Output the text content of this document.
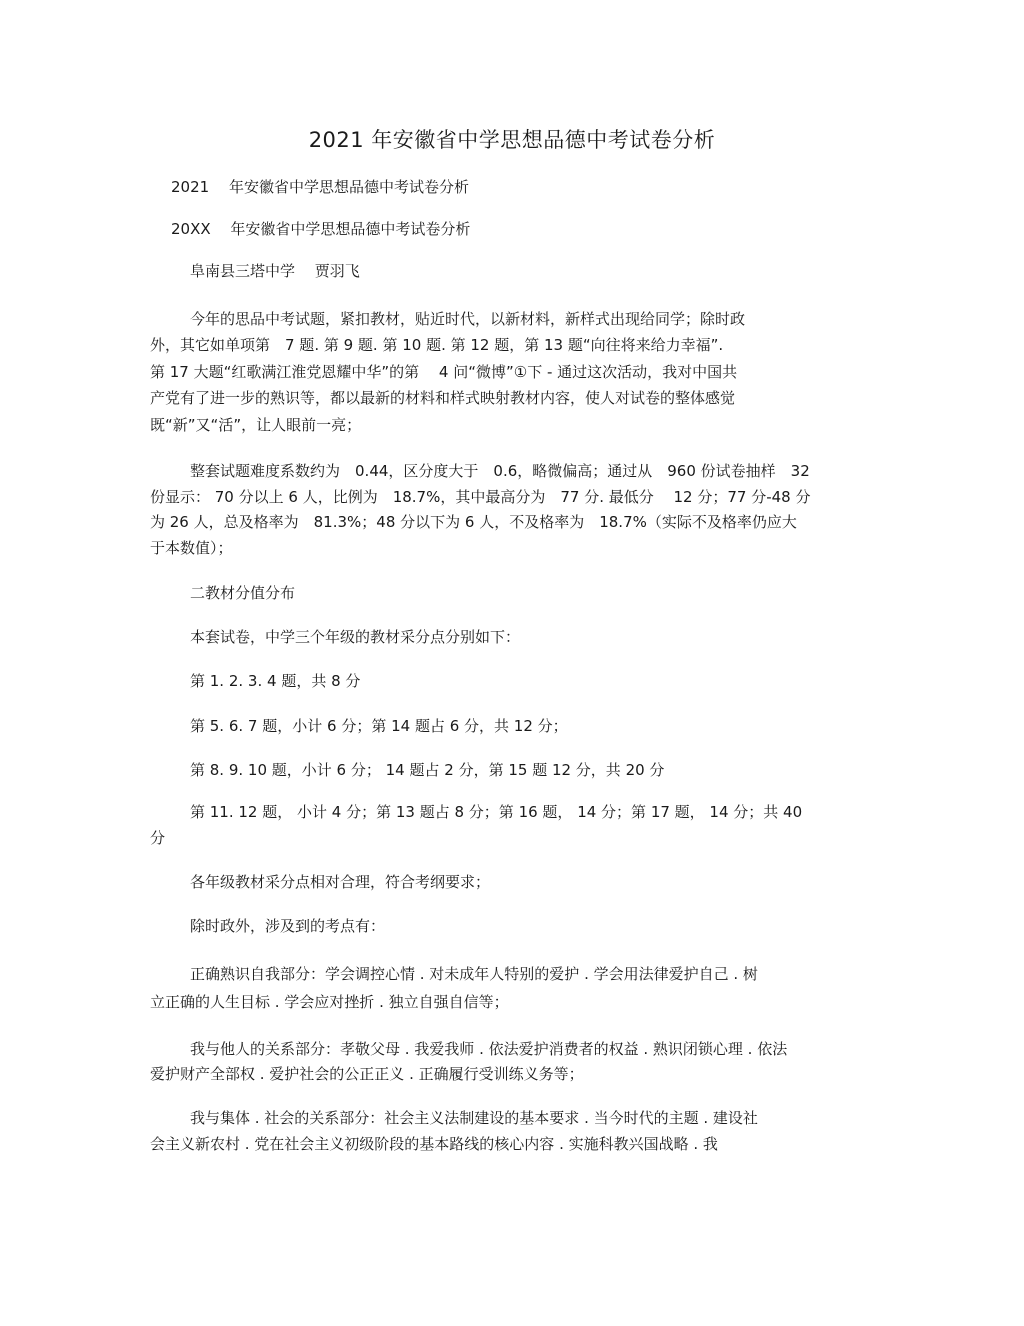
2021 年安徽省中学思想品德中考试卷分析
2021　 年安徽省中学思想品德中考试卷分析
20XX　 年安徽省中学思想品德中考试卷分析
阜南县三塔中学　 贾羽飞
今年的思品中考试题，紧扣教材，贴近时代，以新材料，新样式出现给同学；除时政
外，其它如单项第　7 题. 第 9 题. 第 10 题. 第 12 题，第 13 题“向往将来给力幸福”.
第 17 大题“红歌满江淮党恩耀中华”的第　 4 问“微博”①下 - 通过这次活动，我对中国共
产党有了进一步的熟识等，都以最新的材料和样式映射教材内容，使人对试卷的整体感觉
既“新”又“活”，让人眼前一亮；
整套试题难度系数约为　0.44，区分度大于　0.6，略微偏高；通过从　960 份试卷抽样　32
份显示： 70 分以上 6 人，比例为　18.7%，其中最高分为　77 分. 最低分　 12 分；77 分-48 分
为 26 人，总及格率为　81.3%；48 分以下为 6 人，不及格率为　18.7%（实际不及格率仍应大
于本数值）；
二教材分值分布
本套试卷，中学三个年级的教材采分点分别如下：
第 1. 2. 3. 4 题，共 8 分
第 5. 6. 7 题，小计 6 分；第 14 题占 6 分，共 12 分；
第 8. 9. 10 题，小计 6 分； 14 题占 2 分，第 15 题 12 分，共 20 分
第 11. 12 题， 小计 4 分；第 13 题占 8 分；第 16 题， 14 分；第 17 题， 14 分；共 40
分
各年级教材采分点相对合理，符合考纲要求；
除时政外，涉及到的考点有：
正确熟识自我部分：学会调控心情 . 对未成年人特别的爱护 . 学会用法律爱护自己 . 树
立正确的人生目标 . 学会应对挫折 . 独立自强自信等；
我与他人的关系部分：孝敬父母 . 我爱我师 . 依法爱护消费者的权益 . 熟识闭锁心理 . 依法
爱护财产全部权 . 爱护社会的公正正义 . 正确履行受训练义务等；
我与集体 . 社会的关系部分：社会主义法制建设的基本要求 . 当今时代的主题 . 建设社
会主义新农村 . 党在社会主义初级阶段的基本路线的核心内容 . 实施科教兴国战略 . 我
